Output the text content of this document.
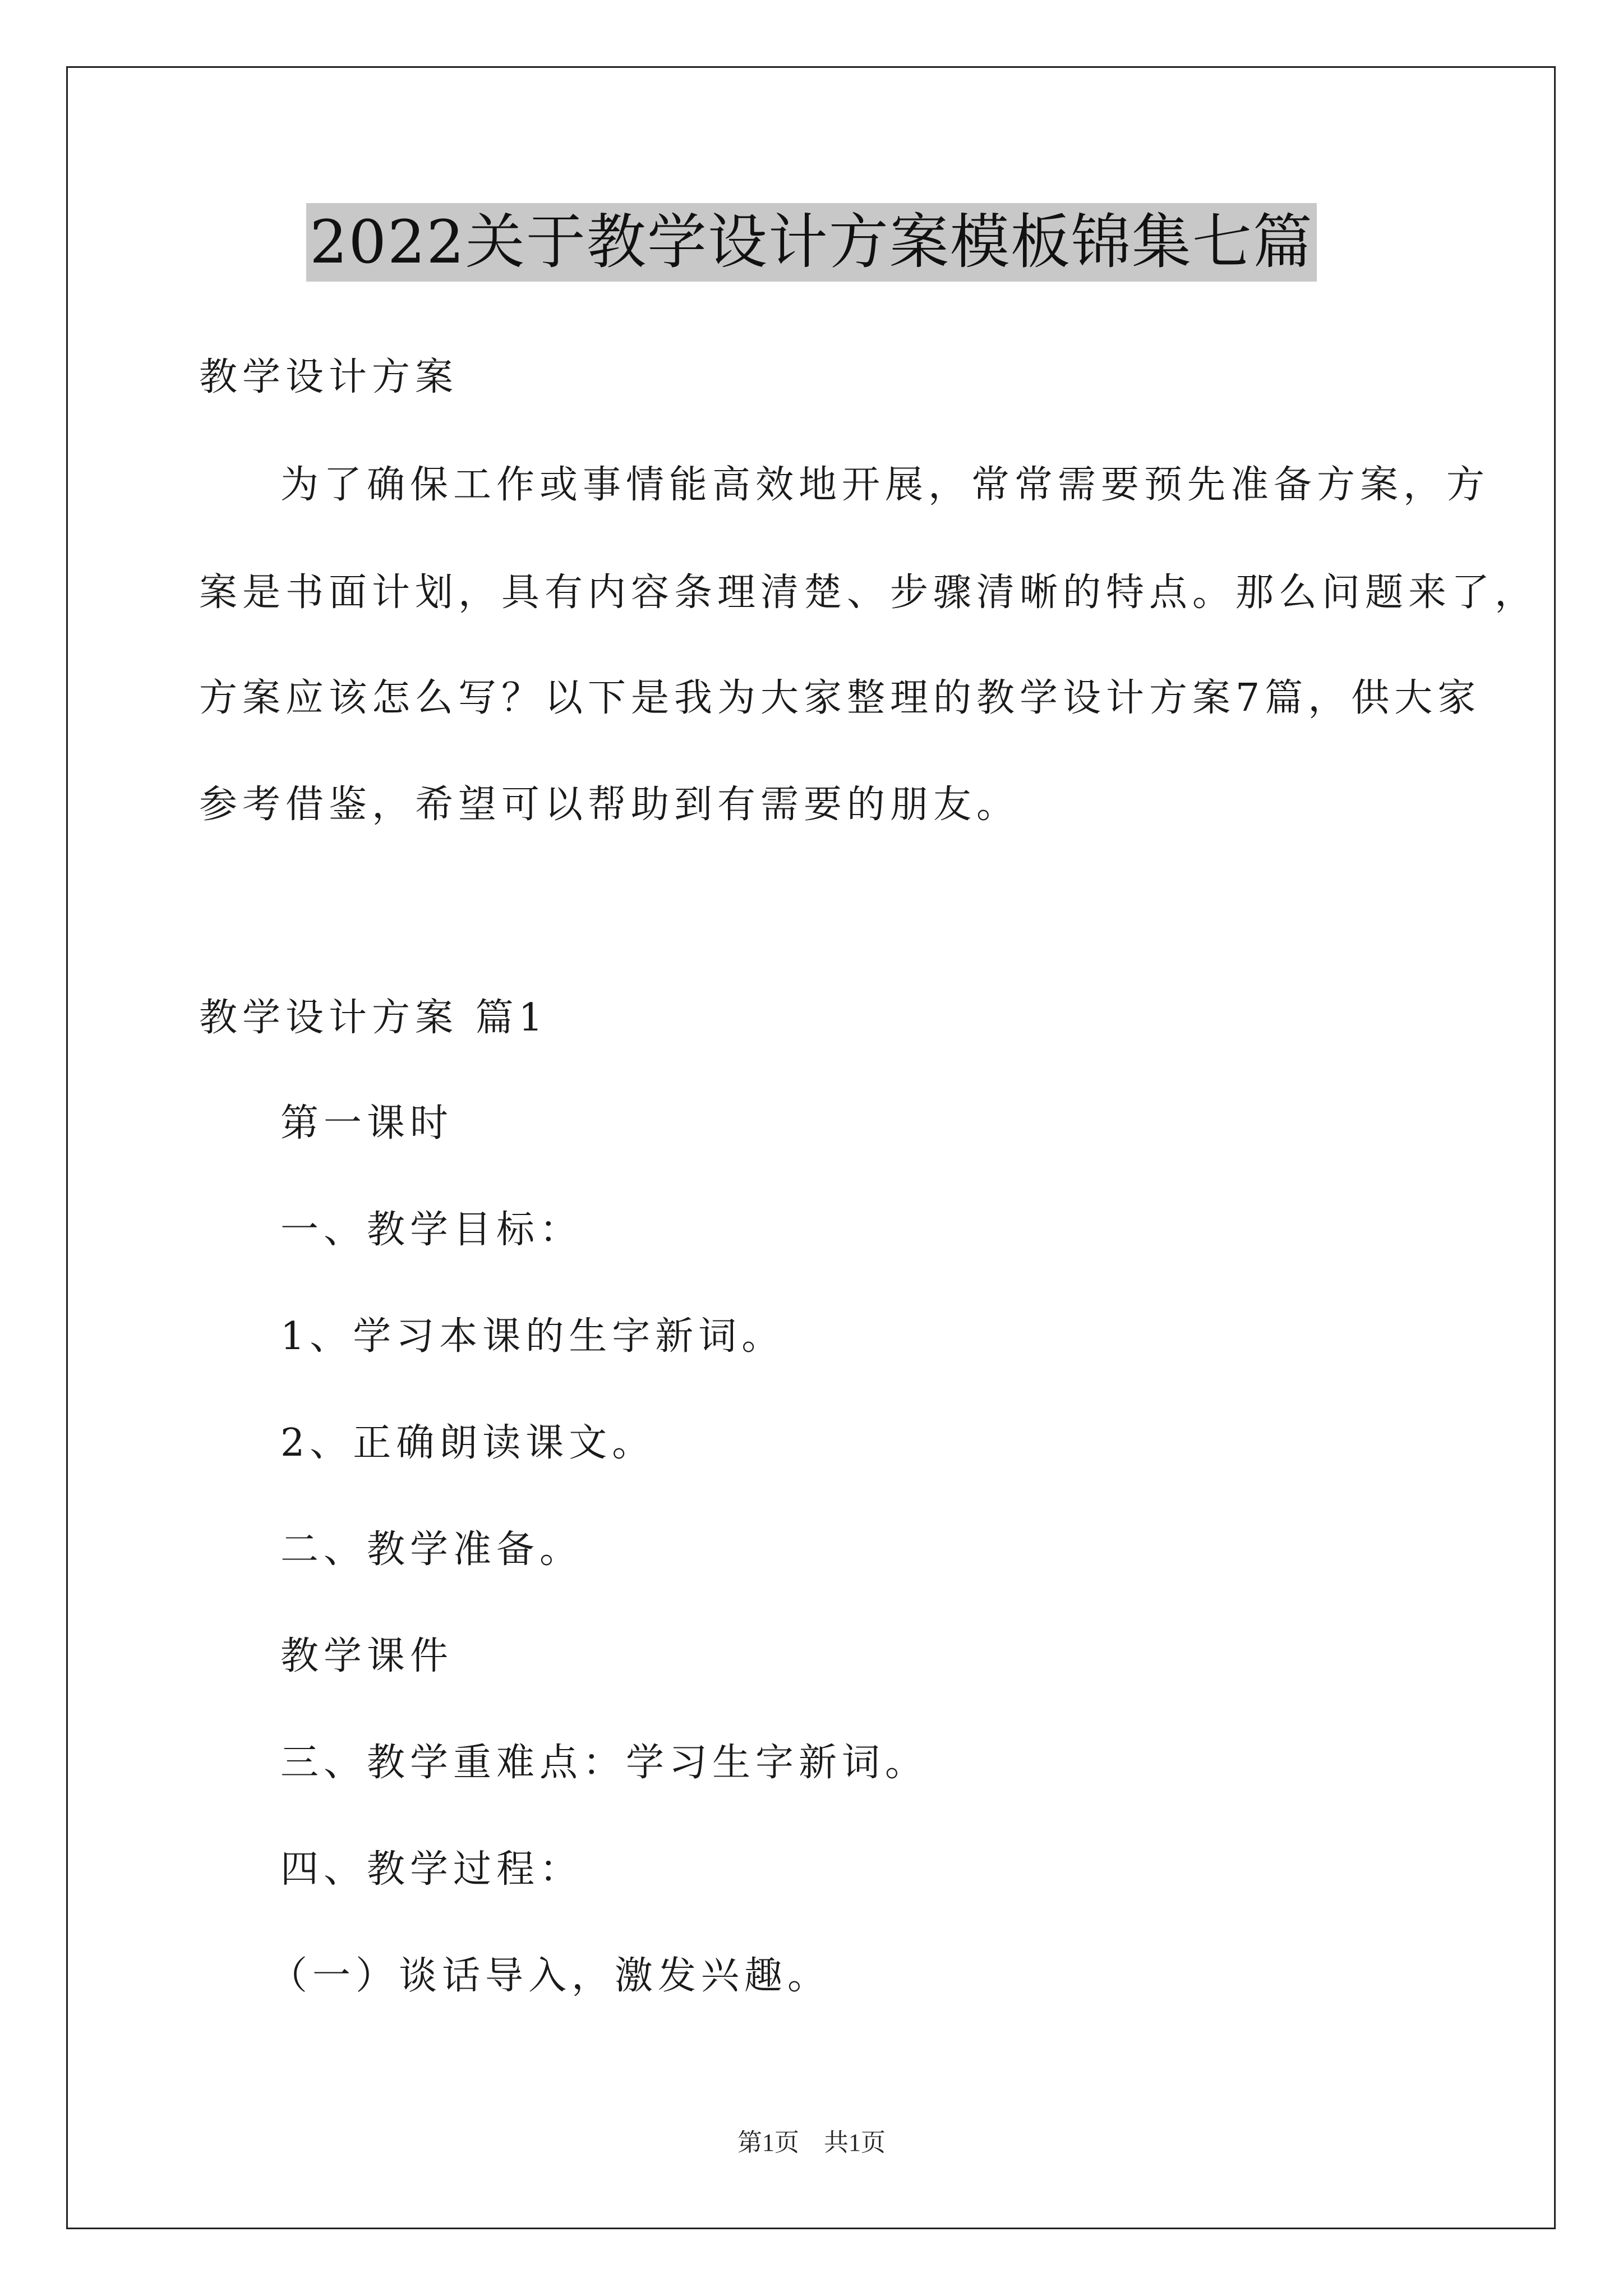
2022关于教学设计方案模板锦集七篇
教学设计方案
为了确保工作或事情能高效地开展，常常需要预先准备方案，方
案是书面计划，具有内容条理清楚、步骤清晰的特点。那么问题来了，
方案应该怎么写？以下是我为大家整理的教学设计方案7篇，供大家
参考借鉴，希望可以帮助到有需要的朋友。
教学设计方案 篇1
第一课时
一、教学目标：
1、学习本课的生字新词。
2、正确朗读课文。
二、教学准备。
教学课件
三、教学重难点：学习生字新词。
四、教学过程：
（一）谈话导入，激发兴趣。
第1页　共1页
